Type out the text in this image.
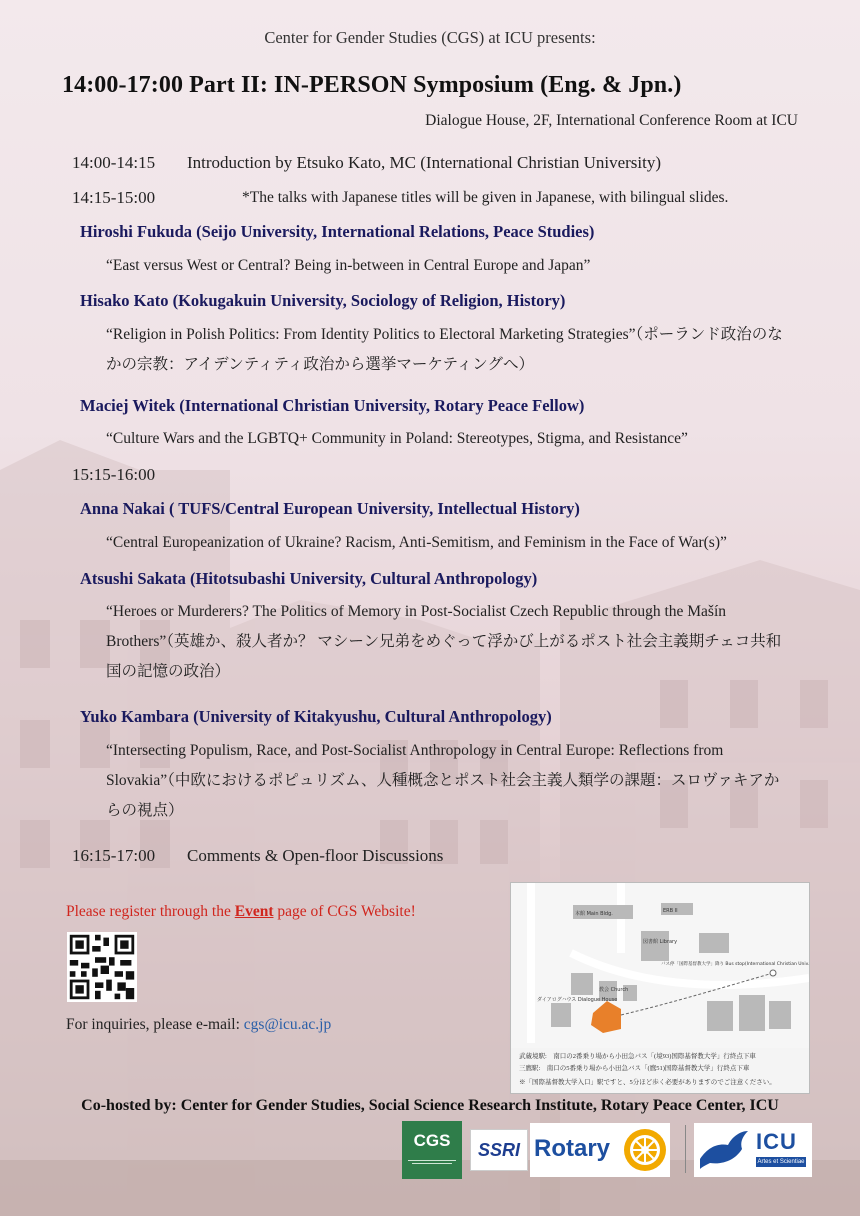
Center for Gender Studies (CGS) at ICU presents:
14:00-17:00 Part II: IN-PERSON Symposium (Eng. & Jpn.)
Dialogue House, 2F, International Conference Room at ICU
14:00-14:15 Introduction by Etsuko Kato, MC (International Christian University)
14:15-15:00	*The talks with Japanese titles will be given in Japanese, with bilingual slides.
Hiroshi Fukuda (Seijo University, International Relations, Peace Studies)
“East versus West or Central? Being in-between in Central Europe and Japan”
Hisako Kato (Kokugakuin University, Sociology of Religion, History)
“Religion in Polish Politics: From Identity Politics to Electoral Marketing Strategies”（ポーランド政治のなかの宗教：アイデンティティ政治から選挙マーケティングへ）
Maciej Witek (International Christian University, Rotary Peace Fellow)
“Culture Wars and the LGBTQ+ Community in Poland: Stereotypes, Stigma, and Resistance”
15:15-16:00
Anna Nakai ( TUFS/Central European University, Intellectual History)
“Central Europeanization of Ukraine? Racism, Anti-Semitism, and Feminism in the Face of War(s)”
Atsushi Sakata (Hitotsubashi University, Cultural Anthropology)
“Heroes or Murderers? The Politics of Memory in Post-Socialist Czech Republic through the Mašín Brothers”（英雄か、殺人者か？ マシーン兄弟をめぐって浮かび上がるポスト社会主義期チェコ共和国の記憶の政治）
Yuko Kambara (University of Kitakyushu, Cultural Anthropology)
“Intersecting Populism, Race, and Post-Socialist Anthropology in Central Europe: Reflections from Slovakia”（中欧におけるポピュリズム、人種概念とポスト社会主義人類学の課題：スロヴァキアからの視点）
16:15-17:00 Comments & Open-floor Discussions
Please register through the Event page of CGS Website!
For inquiries, please e-mail: cgs@icu.ac.jp
本館 Main Bldg.	ERB II
図書館 Library
教会 Church
ダイアログハウス Dialogue House
バス停「国際基督教大学」降り Bus stop(International Christian Univ. Sta.)
武蔵境駅:　南口の2番乗り場から小田急バス「(境93)国際基督教大学」行終点下車
三鷹駅:　南口の5番乗り場から小田急バス「(鷹51)国際基督教大学」行終点下車
※「国際基督教大学入口」駅ですと、5分ほど歩く必要がありますのでご注意ください。
Co-hosted by: Center for Gender Studies, Social Science Research Institute, Rotary Peace Center, ICU
CGS	SSRI Rotary	ICU
Artes et Scientiae
